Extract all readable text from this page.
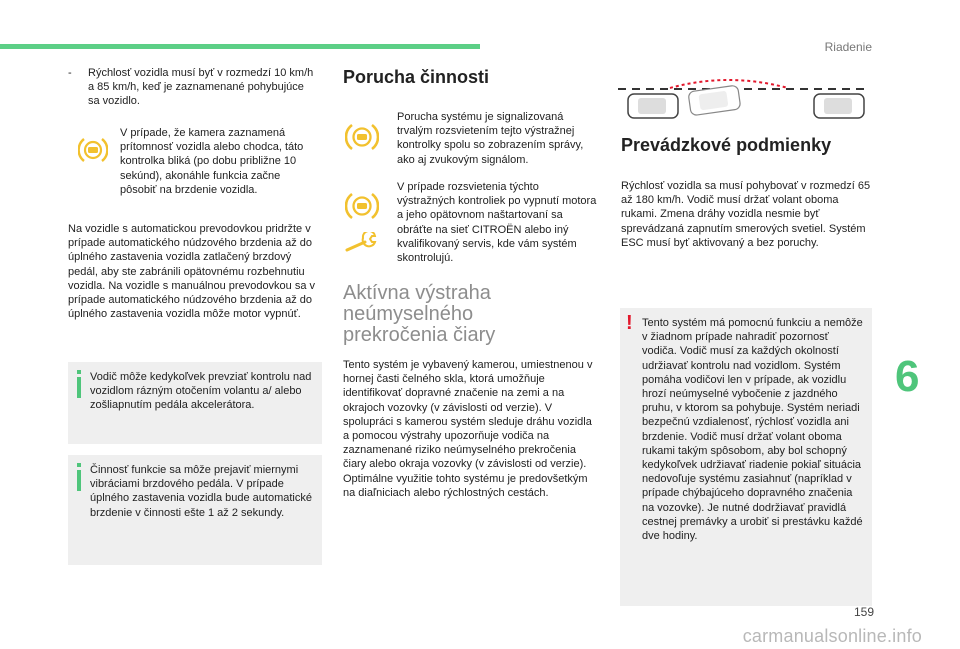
Riadenie
6
- Rýchlosť vozidla musí byť v rozmedzí 10 km/h a 85 km/h, keď je zaznamenané pohybujúce sa vozidlo.
V prípade, že kamera zaznamená prítomnosť vozidla alebo chodca, táto kontrolka bliká (po dobu približne 10 sekúnd), akonáhle funkcia začne pôsobiť na brzdenie vozidla.
Na vozidle s automatickou prevodovkou pridržte v prípade automatického núdzového brzdenia až do úplného zastavenia vozidla zatlačený brzdový pedál, aby ste zabránili opätovnému rozbehnutiu vozidla. Na vozidle s manuálnou prevodovkou sa v prípade automatického núdzového brzdenia až do úplného zastavenia vozidla môže motor vypnúť.
Vodič môže kedykoľvek prevziať kontrolu nad vozidlom rázným otočením volantu a/ alebo zošliapnutím pedála akcelerátora.
Činnosť funkcie sa môže prejaviť miernymi vibráciami brzdového pedála. V prípade úplného zastavenia vozidla bude automatické brzdenie v činnosti ešte 1 až 2 sekundy.
Porucha činnosti
Porucha systému je signalizovaná trvalým rozsvietením tejto výstražnej kontrolky spolu so zobrazením správy, ako aj zvukovým signálom.
V prípade rozsvietenia týchto výstražných kontroliek po vypnutí motora a jeho opätovnom naštartovaní sa obráťte na sieť CITROËN alebo iný kvalifikovaný servis, kde vám systém skontrolujú.
Aktívna výstraha neúmyselného prekročenia čiary
Tento systém je vybavený kamerou, umiestnenou v hornej časti čelného skla, ktorá umožňuje identifikovať dopravné značenie na zemi a na okrajoch vozovky (v závislosti od verzie). V spolupráci s kamerou systém sleduje dráhu vozidla a pomocou výstrahy upozorňuje vodiča na zaznamenané riziko neúmyselného prekročenia čiary alebo okraja vozovky (v závislosti od verzie). Optimálne využitie tohto systému je predovšetkým na diaľniciach alebo rýchlostných cestách.
Prevádzkové podmienky
Rýchlosť vozidla sa musí pohybovať v rozmedzí 65 až 180 km/h. Vodič musí držať volant oboma rukami. Zmena dráhy vozidla nesmie byť sprevádzaná zapnutím smerových svetiel. Systém ESC musí byť aktivovaný a bez poruchy.
! Tento systém má pomocnú funkciu a nemôže v žiadnom prípade nahradiť pozornosť vodiča. Vodič musí za každých okolností udržiavať kontrolu nad vozidlom. Systém pomáha vodičovi len v prípade, ak vozidlu hrozí neúmyselné vybočenie z jazdného pruhu, v ktorom sa pohybuje. Systém neriadi bezpečnú vzdialenosť, rýchlosť vozidla ani brzdenie. Vodič musí držať volant oboma rukami takým spôsobom, aby bol schopný kedykoľvek udržiavať riadenie pokiaľ situácia nedovoľuje systému zasiahnuť (napríklad v prípade chýbajúceho dopravného značenia na vozovke). Je nutné dodržiavať pravidlá cestnej premávky a urobiť si prestávku každé dve hodiny.
159
carmanualsonline.info
